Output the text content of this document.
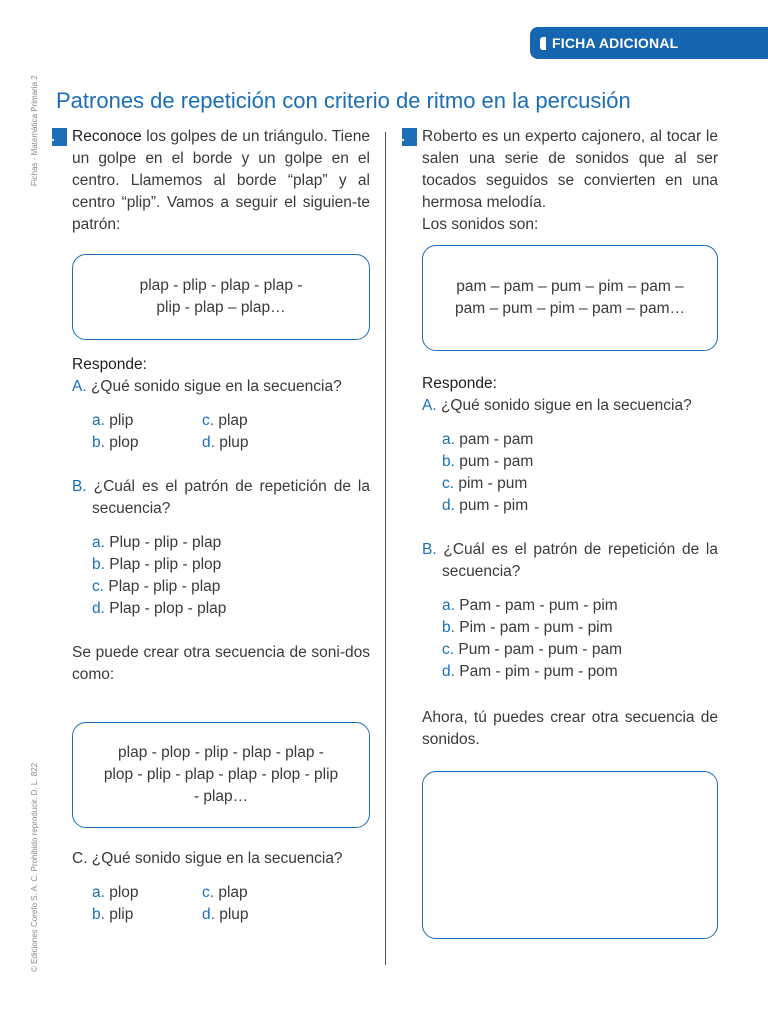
FICHA ADICIONAL
Fichas - Matemática Primaria 2
© Ediciones Corefo S. A. C. Prohibido reproducir. D. L. 822
Patrones de repetición con criterio de ritmo en la percusión

1. Reconoce los golpes de un triángulo. Tiene un golpe en el borde y un golpe en el centro. Llamemos al borde “plap” y al centro “plip”. Vamos a seguir el siguien-te patrón:

plap - plip - plap - plap -
plip - plap – plap…

Responde:

A. ¿Qué sonido sigue en la secuencia?

a. plip	c. plap
b. plop	d. plup

B. ¿Cuál es el patrón de repetición de la secuencia?

a. Plup - plip - plap
b. Plap - plip - plop
c. Plap - plip - plap
d. Plap - plop - plap

Se puede crear otra secuencia de soni-dos como:

plap - plop - plip - plap - plap -
plop - plip - plap - plap - plop - plip
- plap…

C. ¿Qué sonido sigue en la secuencia?

a. plop	c. plap
b. plip	d. plup

2. Roberto es un experto cajonero, al tocar le salen una serie de sonidos que al ser tocados seguidos se convierten en una hermosa melodía.

Los sonidos son:

pam – pam – pum – pim – pam –
pam – pum – pim – pam – pam…

Responde:

A. ¿Qué sonido sigue en la secuencia?

a. pam - pam
b. pum - pam
c. pim - pum
d. pum - pim

B. ¿Cuál es el patrón de repetición de la secuencia?

a. Pam - pam - pum - pim
b. Pim - pam - pum - pim
c. Pum - pam - pum - pam
d. Pam - pim - pum - pom

Ahora, tú puedes crear otra secuencia de sonidos.
